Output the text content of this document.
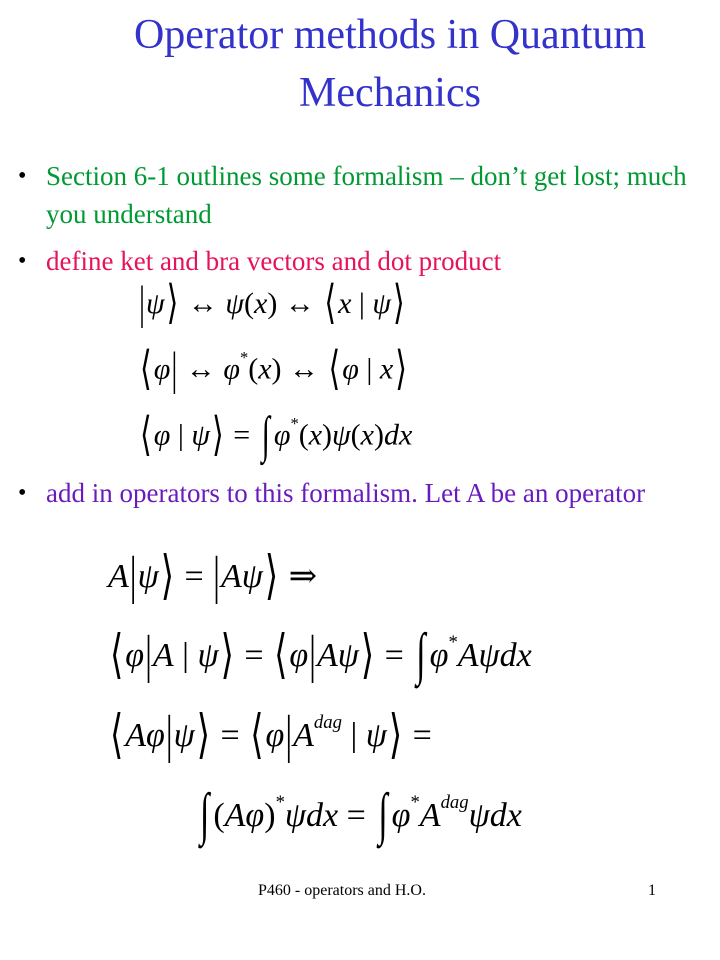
Operator methods in Quantum
Mechanics
• Section 6-1 outlines some formalism – don’t get lost; much you understand
• define ket and bra vectors and dot product
|ψ⟩ ↔ ψ(x) ↔ ⟨x | ψ⟩
⟨φ| ↔ φ*(x) ↔ ⟨φ | x⟩
⟨φ | ψ⟩ = ∫ φ*(x)ψ(x)dx
• add in operators to this formalism. Let A be an operator
A|ψ⟩ = |Aψ⟩ ⇒
⟨φ|A | ψ⟩ = ⟨φ|Aψ⟩ = ∫ φ*Aψdx
⟨Aφ|ψ⟩ = $⟨\varphi|A^{dag}$ | ψ⟩ =
∫ (Aφ)*ψdx = ∫ $\varphi^*A^{dag}\psi dx$
P460 - operators and H.O.	1
